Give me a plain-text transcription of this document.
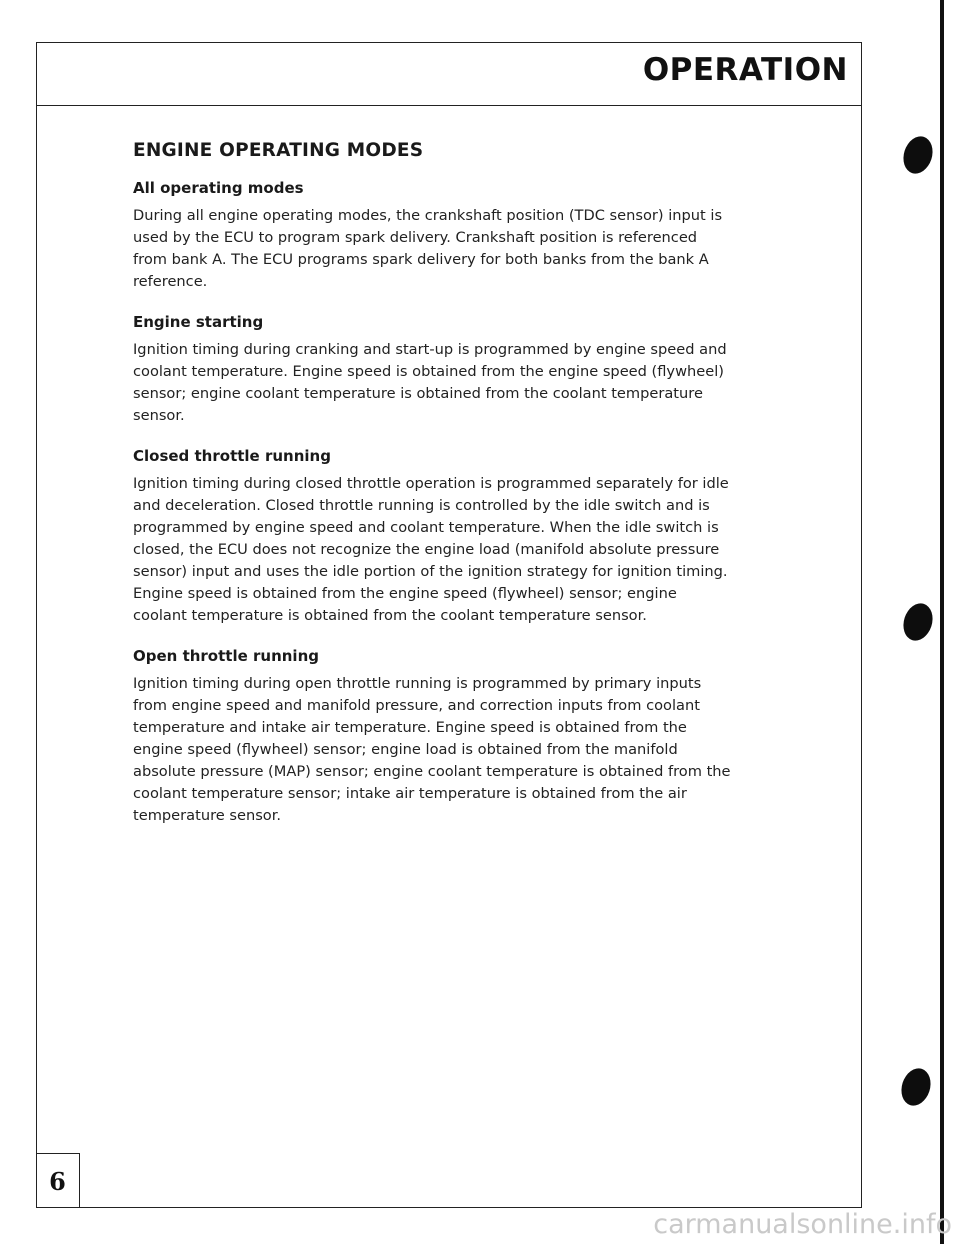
OPERATION
ENGINE OPERATING MODES
All operating modes

During all engine operating modes, the crankshaft position (TDC sensor) input is used by the ECU to program spark delivery. Crankshaft position is referenced from bank A. The ECU programs spark delivery for both banks from the bank A reference.

Engine starting

Ignition timing during cranking and start-up is programmed by engine speed and coolant temperature. Engine speed is obtained from the engine speed (flywheel) sensor; engine coolant temperature is obtained from the coolant temperature sensor.

Closed throttle running

Ignition timing during closed throttle operation is programmed separately for idle and deceleration. Closed throttle running is controlled by the idle switch and is programmed by engine speed and coolant temperature. When the idle switch is closed, the ECU does not recognize the engine load (manifold absolute pressure sensor) input and uses the idle portion of the ignition strategy for ignition timing. Engine speed is obtained from the engine speed (flywheel) sensor; engine coolant temperature is obtained from the coolant temperature sensor.

Open throttle running

Ignition timing during open throttle running is programmed by primary inputs from engine speed and manifold pressure, and correction inputs from coolant temperature and intake air temperature. Engine speed is obtained from the engine speed (flywheel) sensor; engine load is obtained from the manifold absolute pressure (MAP) sensor; engine coolant temperature is obtained from the coolant temperature sensor; intake air temperature is obtained from the air temperature sensor.

6
carmanualsonline.info
